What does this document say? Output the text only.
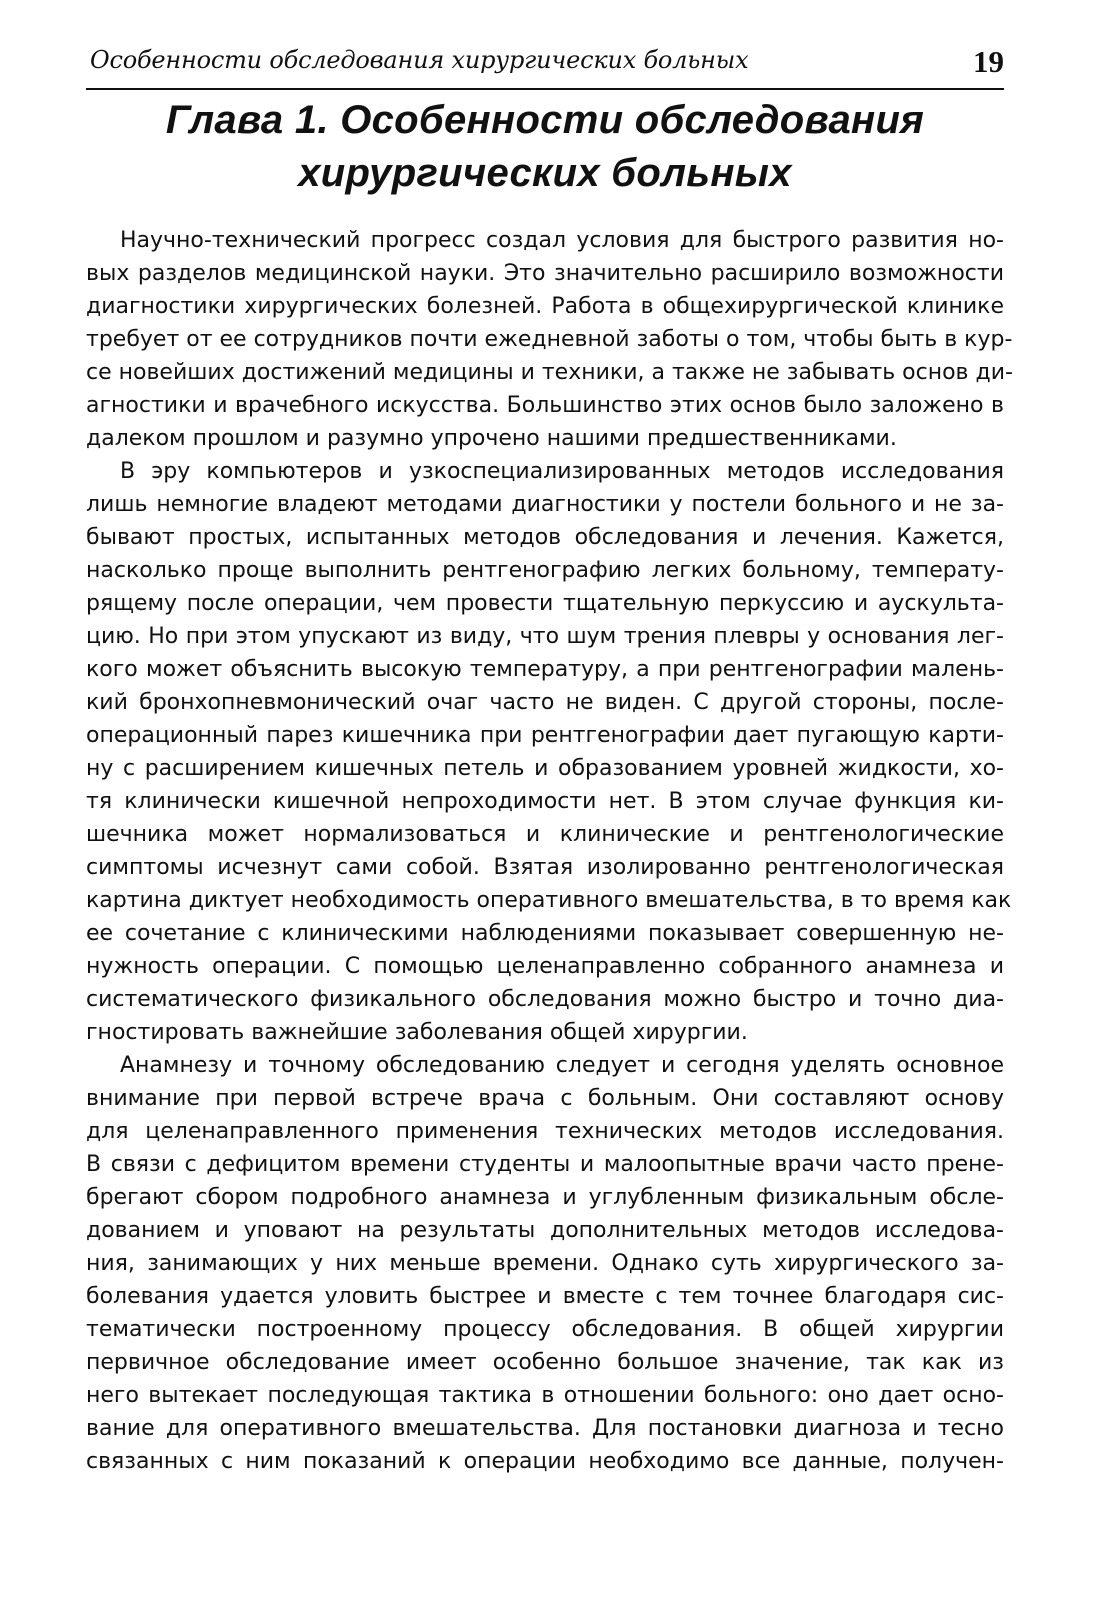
Особенности обследования хирургических больных	19
Глава 1. Особенности обследования
хирургических больных
Научно-технический прогресс создал условия для быстрого развития но-
вых разделов медицинской науки. Это значительно расширило возможности
диагностики хирургических болезней. Работа в общехирургической клинике
требует от ее сотрудников почти ежедневной заботы о том, чтобы быть в кур-
се новейших достижений медицины и техники, а также не забывать основ ди-
агностики и врачебного искусства. Большинство этих основ было заложено в
далеком прошлом и разумно упрочено нашими предшественниками.
В эру компьютеров и узкоспециализированных методов исследования
лишь немногие владеют методами диагностики у постели больного и не за-
бывают простых, испытанных методов обследования и лечения. Кажется,
насколько проще выполнить рентгенографию легких больному, температу-
рящему после операции, чем провести тщательную перкуссию и аускульта-
цию. Но при этом упускают из виду, что шум трения плевры у основания лег-
кого может объяснить высокую температуру, а при рентгенографии малень-
кий бронхопневмонический очаг часто не виден. С другой стороны, после-
операционный парез кишечника при рентгенографии дает пугающую карти-
ну с расширением кишечных петель и образованием уровней жидкости, хо-
тя клинически кишечной непроходимости нет. В этом случае функция ки-
шечника может нормализоваться и клинические и рентгенологические
симптомы исчезнут сами собой. Взятая изолированно рентгенологическая
картина диктует необходимость оперативного вмешательства, в то время как
ее сочетание с клиническими наблюдениями показывает совершенную не-
нужность операции. С помощью целенаправленно собранного анамнеза и
систематического физикального обследования можно быстро и точно диа-
гностировать важнейшие заболевания общей хирургии.
Анамнезу и точному обследованию следует и сегодня уделять основное
внимание при первой встрече врача с больным. Они составляют основу
для целенаправленного применения технических методов исследования.
В связи с дефицитом времени студенты и малоопытные врачи часто прене-
брегают сбором подробного анамнеза и углубленным физикальным обсле-
дованием и уповают на результаты дополнительных методов исследова-
ния, занимающих у них меньше времени. Однако суть хирургического за-
болевания удается уловить быстрее и вместе с тем точнее благодаря сис-
тематически построенному процессу обследования. В общей хирургии
первичное обследование имеет особенно большое значение, так как из
него вытекает последующая тактика в отношении больного: оно дает осно-
вание для оперативного вмешательства. Для постановки диагноза и тесно
связанных с ним показаний к операции необходимо все данные, получен-
